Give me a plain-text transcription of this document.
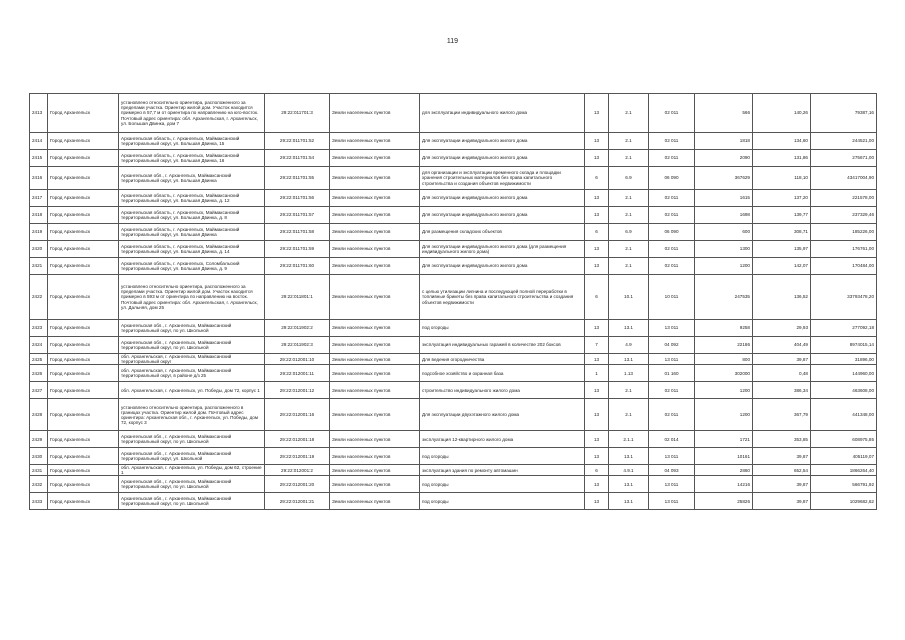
119
2413	Город Архангельск	установлено относительно ориентира, расположенного за пределами участка. Ориентир жилой дом. Участок находится примерно в 57,7 м от ориентира по направлению на юго-восток. Почтовый адрес ориентира: обл. Архангельская, г. Архангельск, ул. Большая Двинка, дом 7	29:22:011701:3	Земли населенных пунктов	для эксплуатации индивидуального жилого дома	13	2.1	02 011	566	140,26	79387,16
2414	Город Архангельск	Архангельская область, г. Архангельск, Маймаксанский территориальный округ, ул. Большая Двинка, 15	29:22:011701:52	Земли населенных пунктов	Для эксплуатации индивидуального жилого дома	13	2.1	02 011	1818	134,60	244521,00
2415	Город Архангельск	Архангельская область, г. Архангельск, Маймаксанский территориальный округ, ул. Большая Двинка, 16	29:22:011701:54	Земли населенных пунктов	Для эксплуатации индивидуального жилого дома	13	2.1	02 011	2090	131,86	275671,00
2416	Город Архангельск	Архангельская обл., г. Архангельск, Маймаксанский территориальный округ, ул. Большая Двинка	29:22:011701:55	Земли населенных пунктов	для организации и эксплуатации временного склада и площадки хранения строительных материалов без права капитального строительства и создания объектов недвижимости	6	6.9	06 090	367629	118,10	43417004,90
2417	Город Архангельск	Архангельская область, г. Архангельск, Маймаксанский территориальный округ, ул. Большая Двинка, д. 12	29:22:011701:56	Земли населенных пунктов	Для эксплуатации индивидуального жилого дома	13	2.1	02 011	1615	137,20	221578,00
2418	Город Архангельск	Архангельская область, г. Архангельск, Маймаксанский территориальный округ, ул. Большая Двинка, д. 8	29:22:011701:57	Земли населенных пунктов	Для эксплуатации индивидуального жилого дома	13	2.1	02 011	1698	139,77	237329,46
2419	Город Архангельск	Архангельская область, г. Архангельск, Маймаксанский территориальный округ, ул. Большая Двинка	29:22:011701:58	Земли населенных пунктов	Для размещения складских объектов	6	6.9	06 090	600	308,71	185226,00
2420	Город Архангельск	Архангельская область, г. Архангельск, Маймаксанский территориальный округ, ул. Большая Двинка, д. 14	29:22:011701:59	Земли населенных пунктов	Для эксплуатации индивидуального жилого дома (для размещения индивидуального жилого дома)	13	2.1	02 011	1300	135,97	176761,00
2421	Город Архангельск	Архангельская область, г. Архангельск, Соломбальский территориальный округ, ул. Большая Двинка, д. 9	29:22:011701:60	Земли населенных пунктов	Для эксплуатации индивидуального жилого дома	13	2.1	02 011	1200	142,07	170484,00
2422	Город Архангельск	установлено относительно ориентира, расположенного за пределами участка. Ориентир жилой дом. Участок находится примерно в 593 м от ориентира по направлению на восток. Почтовый адрес ориентира: обл. Архангельская, г. Архангельск, ул. Дальняя, дом 25	29:22:011801:1	Земли населенных пунктов	с целью утилизации лигнина и последующей полной переработки в топливные брикеты без права капитального строительства и создания объектов недвижимости	6	10.1	10 011	247535	136,52	33793478,20
2423	Город Архангельск	Архангельская обл., г. Архангельск, Маймаксанский территориальный округ, по ул. Школьной	29:22:011902:2	Земли населенных пунктов	под огороды	13	13.1	13 011	9258	29,93	277092,18
2424	Город Архангельск	Архангельская обл., г. Архангельск, Маймаксанский территориальный округ, по ул. Школьной	29:22:011902:3	Земли населенных пунктов	эксплуатация индивидуальных гаражей в количестве 202 боксов	7	4.9	04 092	22186	404,49	8974015,14
2425	Город Архангельск	обл. Архангельская, г. Архангельск, Маймаксанский территориальный округ	29:22:012001:10	Земли населенных пунктов	Для ведения огородничества	13	13.1	13 011	800	39,87	31896,00
2426	Город Архангельск	обл. Архангельская, г. Архангельск, Маймаксанский территориальный округ, в районе д/з 25	29:22:012001:11	Земли населенных пунктов	подсобное хозяйство и охранная база	1	1.13	01 160	302000	0,48	144960,00
2427	Город Архангельск	обл. Архангельская, г. Архангельск, ул. Победы, дом 72, корпус 1	29:22:012001:12	Земли населенных пунктов	строительство индивидуального жилого дома	13	2.1	02 011	1200	386,34	463608,00
2428	Город Архангельск	установлено относительно ориентира, расположенного в границах участка. Ориентир жилой дом. Почтовый адрес ориентира: Архангельская обл., г. Архангельск, ул. Победы, дом 72, корпус 3	29:22:012001:16	Земли населенных пунктов	Для эксплуатации двухэтажного жилого дома	13	2.1	02 011	1200	367,79	441348,00
2429	Город Архангельск	Архангельская обл., г. Архангельск, Маймаксанский территориальный округ, по ул. Школьной	29:22:012001:18	Земли населенных пунктов	эксплуатация 12-квартирного жилого дома	13	2.1.1	02 014	1721	353,85	608975,85
2430	Город Архангельск	Архангельская обл., г. Архангельск, Маймаксанский территориальный округ, ул. Школьной	29:22:012001:19	Земли населенных пунктов	под огороды	13	13.1	13 011	10161	39,87	405119,07
2431	Город Архангельск	обл. Архангельская, г. Архангельск, ул. Победы, дом 62, строение 1	29:22:012001:2	Земли населенных пунктов	эксплуатация здания по ремонту автомашин	6	4.9.1	04 093	2860	652,54	1866264,40
2432	Город Архангельск	Архангельская обл., г. Архангельск, Маймаксанский территориальный округ, по ул. Школьной	29:22:012001:20	Земли населенных пунктов	под огороды	13	13.1	13 011	14216	39,87	566791,92
2433	Город Архангельск	Архангельская обл., г. Архангельск, Маймаксанский территориальный округ, по ул. Школьной	29:22:012001:21	Земли населенных пунктов	под огороды	13	13.1	13 011	25826	39,87	1029682,62
